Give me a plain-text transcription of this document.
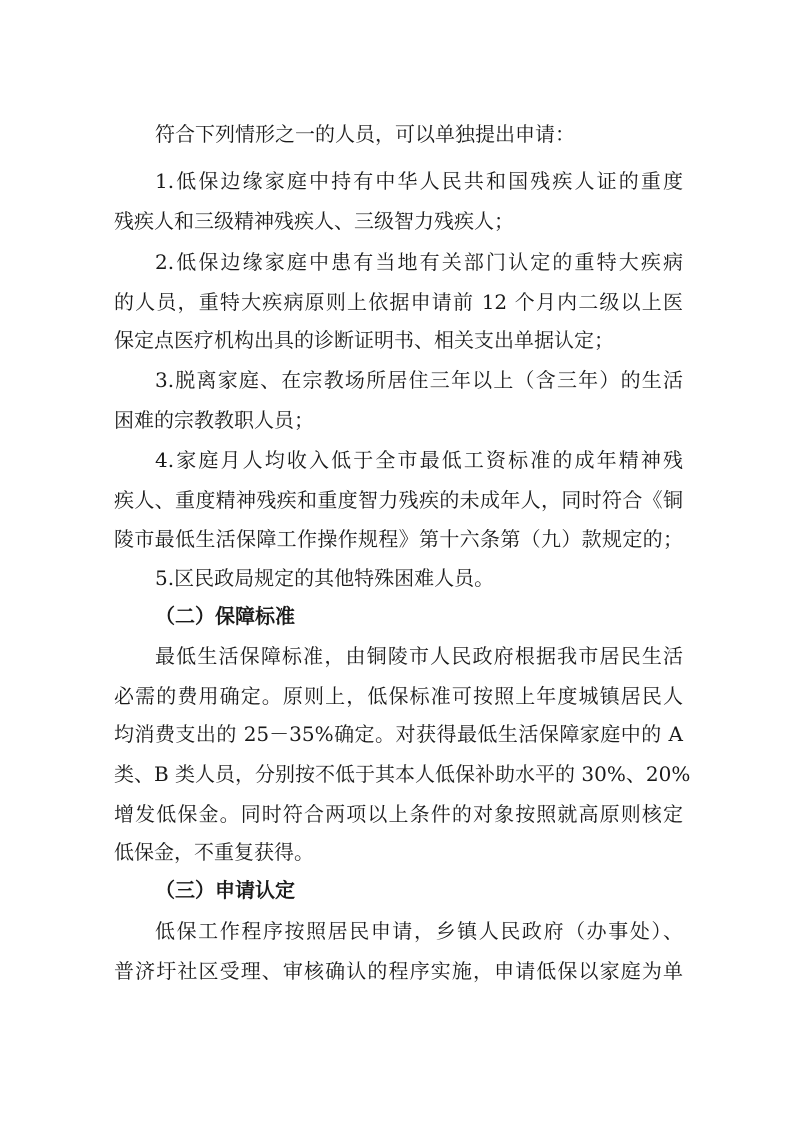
符合下列情形之一的人员，可以单独提出申请：
1.低保边缘家庭中持有中华人民共和国残疾人证的重度
残疾人和三级精神残疾人、三级智力残疾人；
2.低保边缘家庭中患有当地有关部门认定的重特大疾病
的人员，重特大疾病原则上依据申请前 12 个月内二级以上医
保定点医疗机构出具的诊断证明书、相关支出单据认定；
3.脱离家庭、在宗教场所居住三年以上（含三年）的生活
困难的宗教教职人员；
4.家庭月人均收入低于全市最低工资标准的成年精神残
疾人、重度精神残疾和重度智力残疾的未成年人，同时符合《铜
陵市最低生活保障工作操作规程》第十六条第（九）款规定的；
5.区民政局规定的其他特殊困难人员。
（二）保障标准
最低生活保障标准，由铜陵市人民政府根据我市居民生活
必需的费用确定。原则上，低保标准可按照上年度城镇居民人
均消费支出的 25－35%确定。对获得最低生活保障家庭中的 A
类、B 类人员，分别按不低于其本人低保补助水平的 30%、20%
增发低保金。同时符合两项以上条件的对象按照就高原则核定
低保金，不重复获得。
（三）申请认定
低保工作程序按照居民申请，乡镇人民政府（办事处）、
普济圩社区受理、审核确认的程序实施，申请低保以家庭为单
